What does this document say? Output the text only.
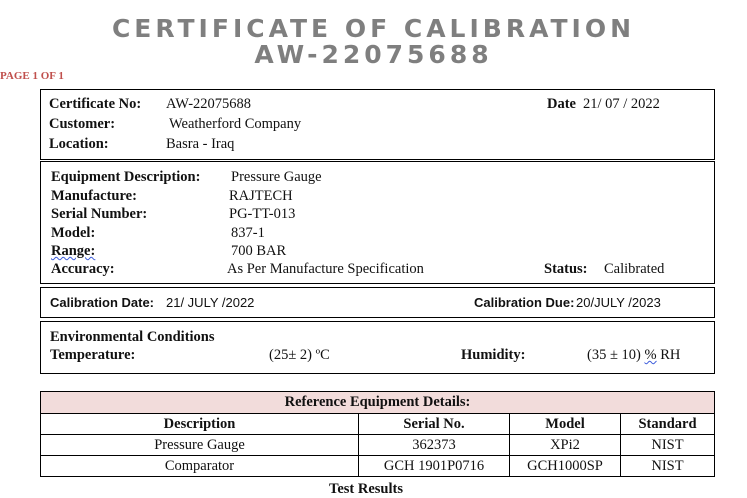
CERTIFICATE OF CALIBRATION
AW-22075688
PAGE 1 OF 1
Certificate No: AW-22075688	Date 21/ 07 / 2022
Customer:	Weatherford Company
Location:	Basra - Iraq
Equipment Description: Pressure Gauge
Manufacture:	RAJTECH
Serial Number:	PG-TT-013
Model:	837-1
Range:	700 BAR
Accuracy:	As Per Manufacture Specification	Status: Calibrated
Calibration Date: 21/ JULY /2022	Calibration Due: 20/JULY /2023
Environmental Conditions
Temperature:	(25± 2) ºC	Humidity:	(35 ± 10) % RH
Reference Equipment Details:			
Description	Serial No.	Model	Standard
Pressure Gauge	362373	XPi2	NIST
Comparator	GCH 1901P0716	GCH1000SP	NIST
Test Results
